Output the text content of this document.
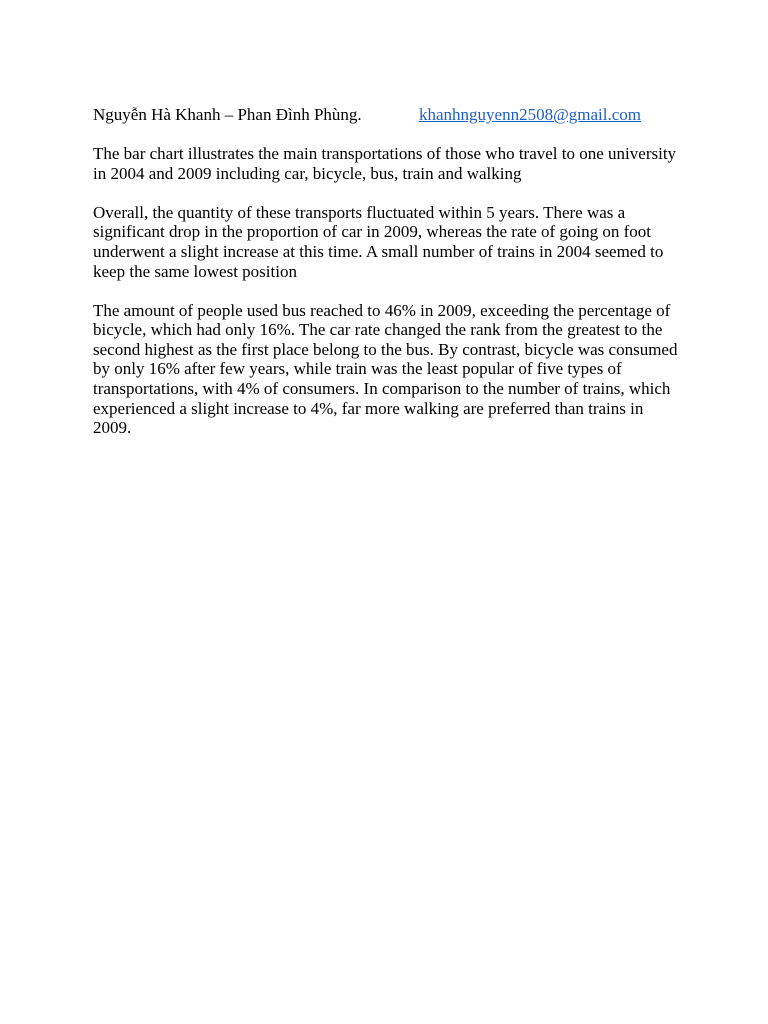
Nguyễn Hà Khanh – Phan Đình Phùng.	khanhnguyenn2508@gmail.com

The bar chart illustrates the main transportations of those who travel to one university in 2004 and 2009 including car, bicycle, bus, train and walking

Overall, the quantity of these transports fluctuated within 5 years. There was a significant drop in the proportion of car in 2009, whereas the rate of going on foot underwent a slight increase at this time. A small number of trains in 2004 seemed to keep the same lowest position

The amount of people used bus reached to 46% in 2009, exceeding the percentage of bicycle, which had only 16%. The car rate changed the rank from the greatest to the second highest as the first place belong to the bus. By contrast, bicycle was consumed by only 16% after few years, while train was the least popular of five types of transportations, with 4% of consumers. In comparison to the number of trains, which experienced a slight increase to 4%, far more walking are preferred than trains in 2009.
